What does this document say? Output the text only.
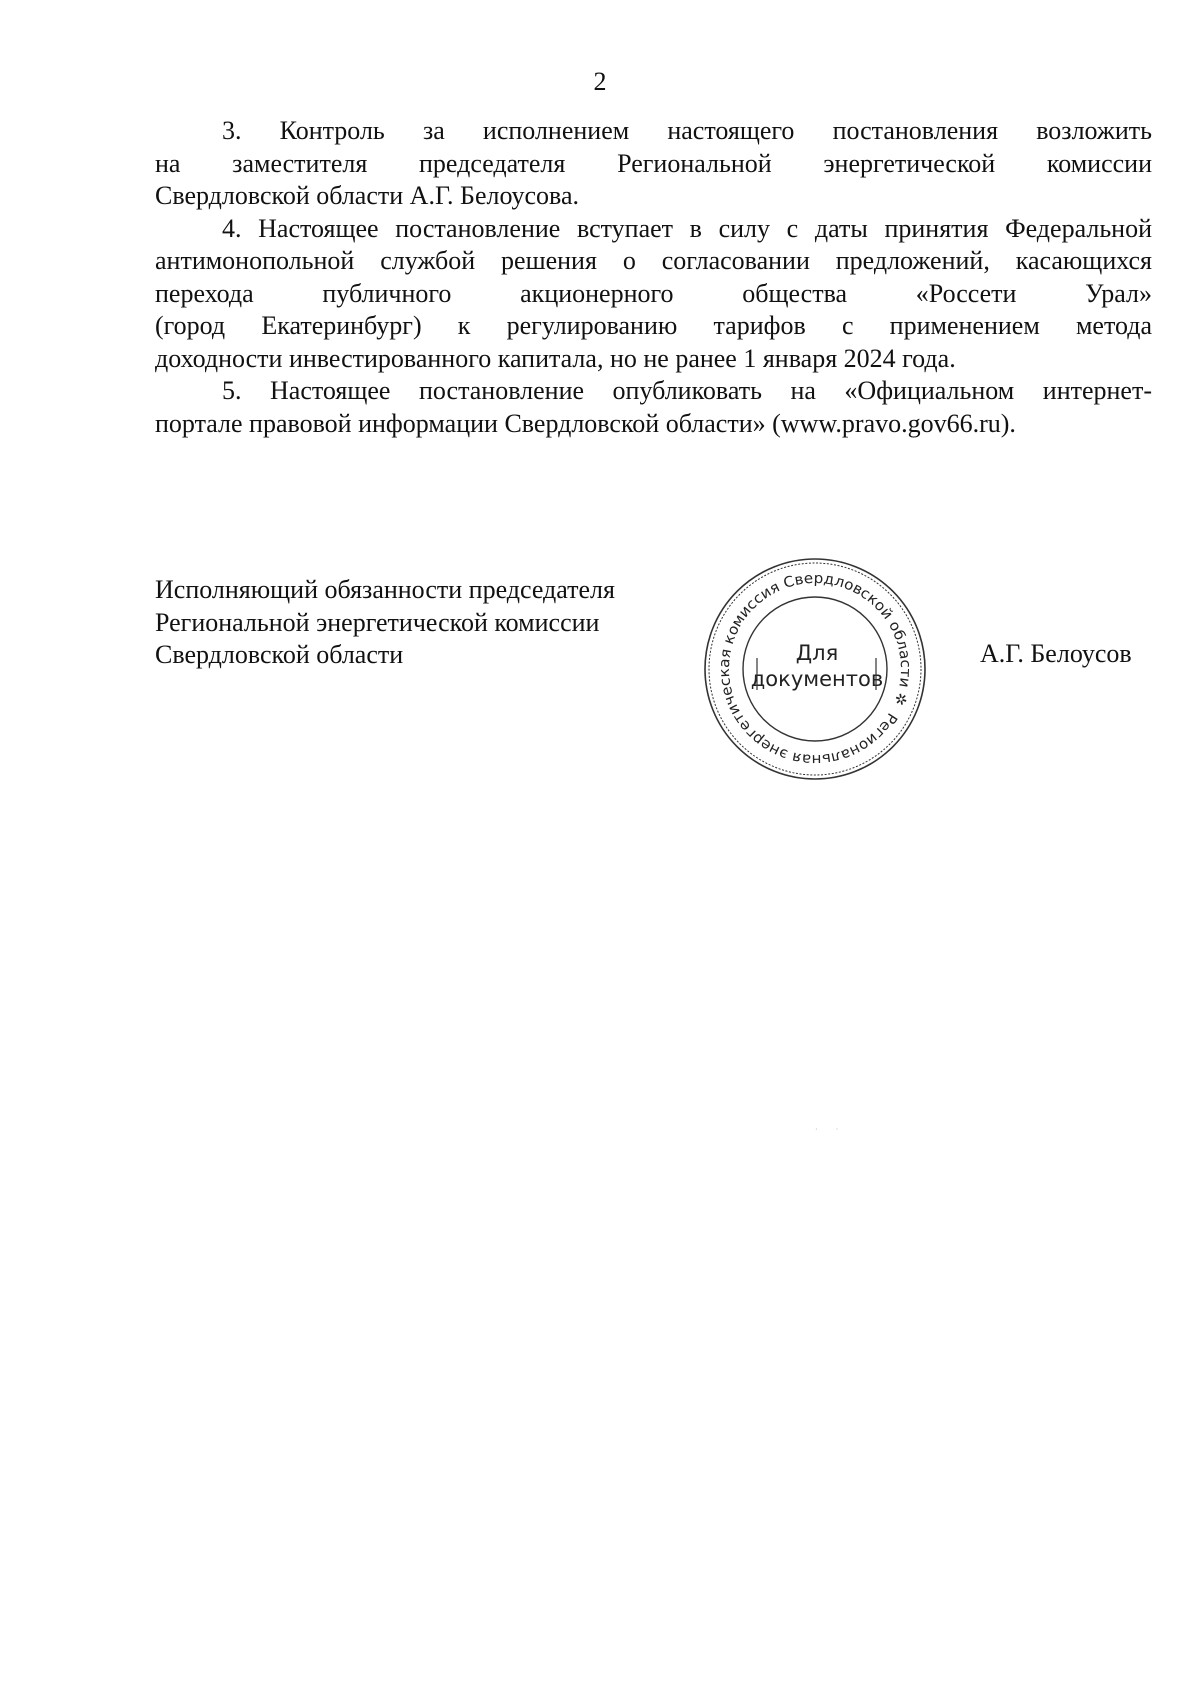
2
3. Контроль за исполнением настоящего постановления возложить
на заместителя председателя Региональной энергетической комиссии
Свердловской области А.Г. Белоусова.
4. Настоящее постановление вступает в силу с даты принятия Федеральной
антимонопольной службой решения о согласовании предложений, касающихся
перехода публичного акционерного общества «Россети Урал»
(город Екатеринбург) к регулированию тарифов с применением метода
доходности инвестированного капитала, но не ранее 1 января 2024 года.
5. Настоящее постановление опубликовать на «Официальном интернет-
портале правовой информации Свердловской области» (www.pravo.gov66.ru).
Исполняющий обязанности председателя
Региональной энергетической комиссии
Свердловской области
Региональная энергетическая комиссия Свердловской области ✲
Для
документов
А.Г. Белоусов
·         ·
